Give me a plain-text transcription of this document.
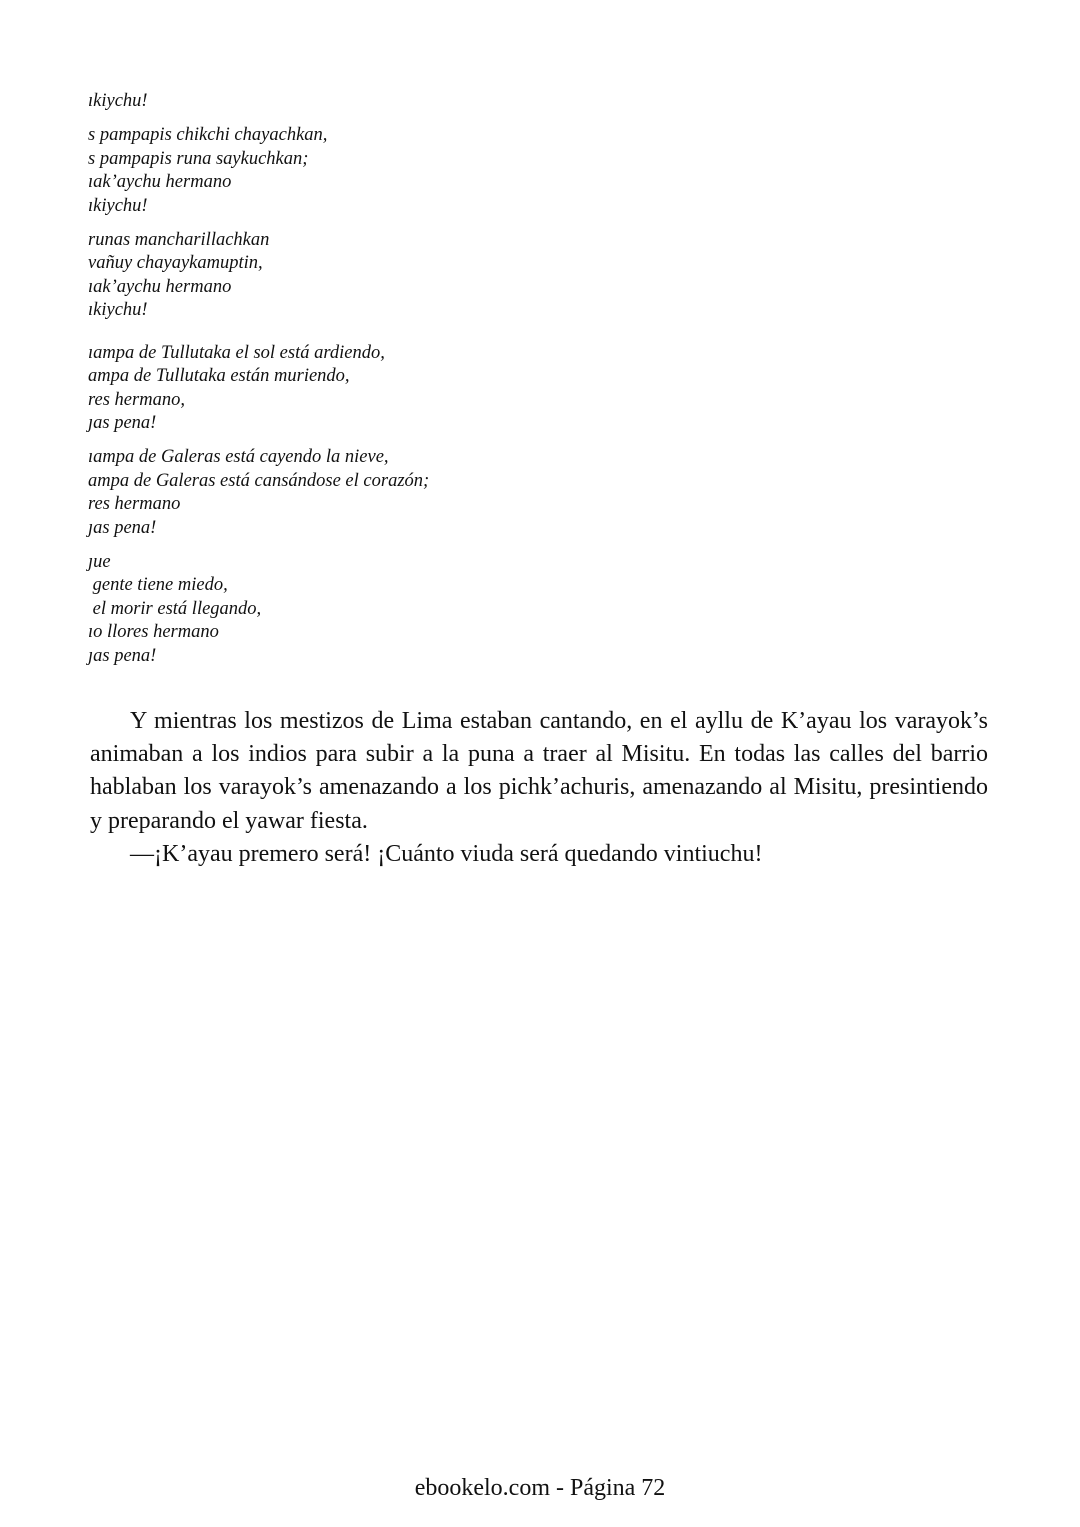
ıkiychu!
s pampapis chikchi chayachkan,
s pampapis runa saykuchkan;
ıak’aychu hermano
ıkiychu!
runas mancharillachkan
vañuy chayaykamuptin,
ıak’aychu hermano
ıkiychu!
ıampa de Tullutaka el sol está ardiendo,
ampa de Tullutaka están muriendo,
res hermano,
ȷas pena!
ıampa de Galeras está cayendo la nieve,
ampa de Galeras está cansándose el corazón;
res hermano
ȷas pena!
ȷue
gente tiene miedo,
el morir está llegando,
ıo llores hermano
ȷas pena!

Y mientras los mestizos de Lima estaban cantando, en el ayllu de K’ayau los varayok’s animaban a los indios para subir a la puna a traer al Misitu. En todas las calles del barrio hablaban los varayok’s amenazando a los pichk’achuris, amenazando al Misitu, presintiendo y preparando el yawar fiesta.

—¡K’ayau premero será! ¡Cuánto viuda será quedando vintiuchu!

ebookelo.com - Página 72
